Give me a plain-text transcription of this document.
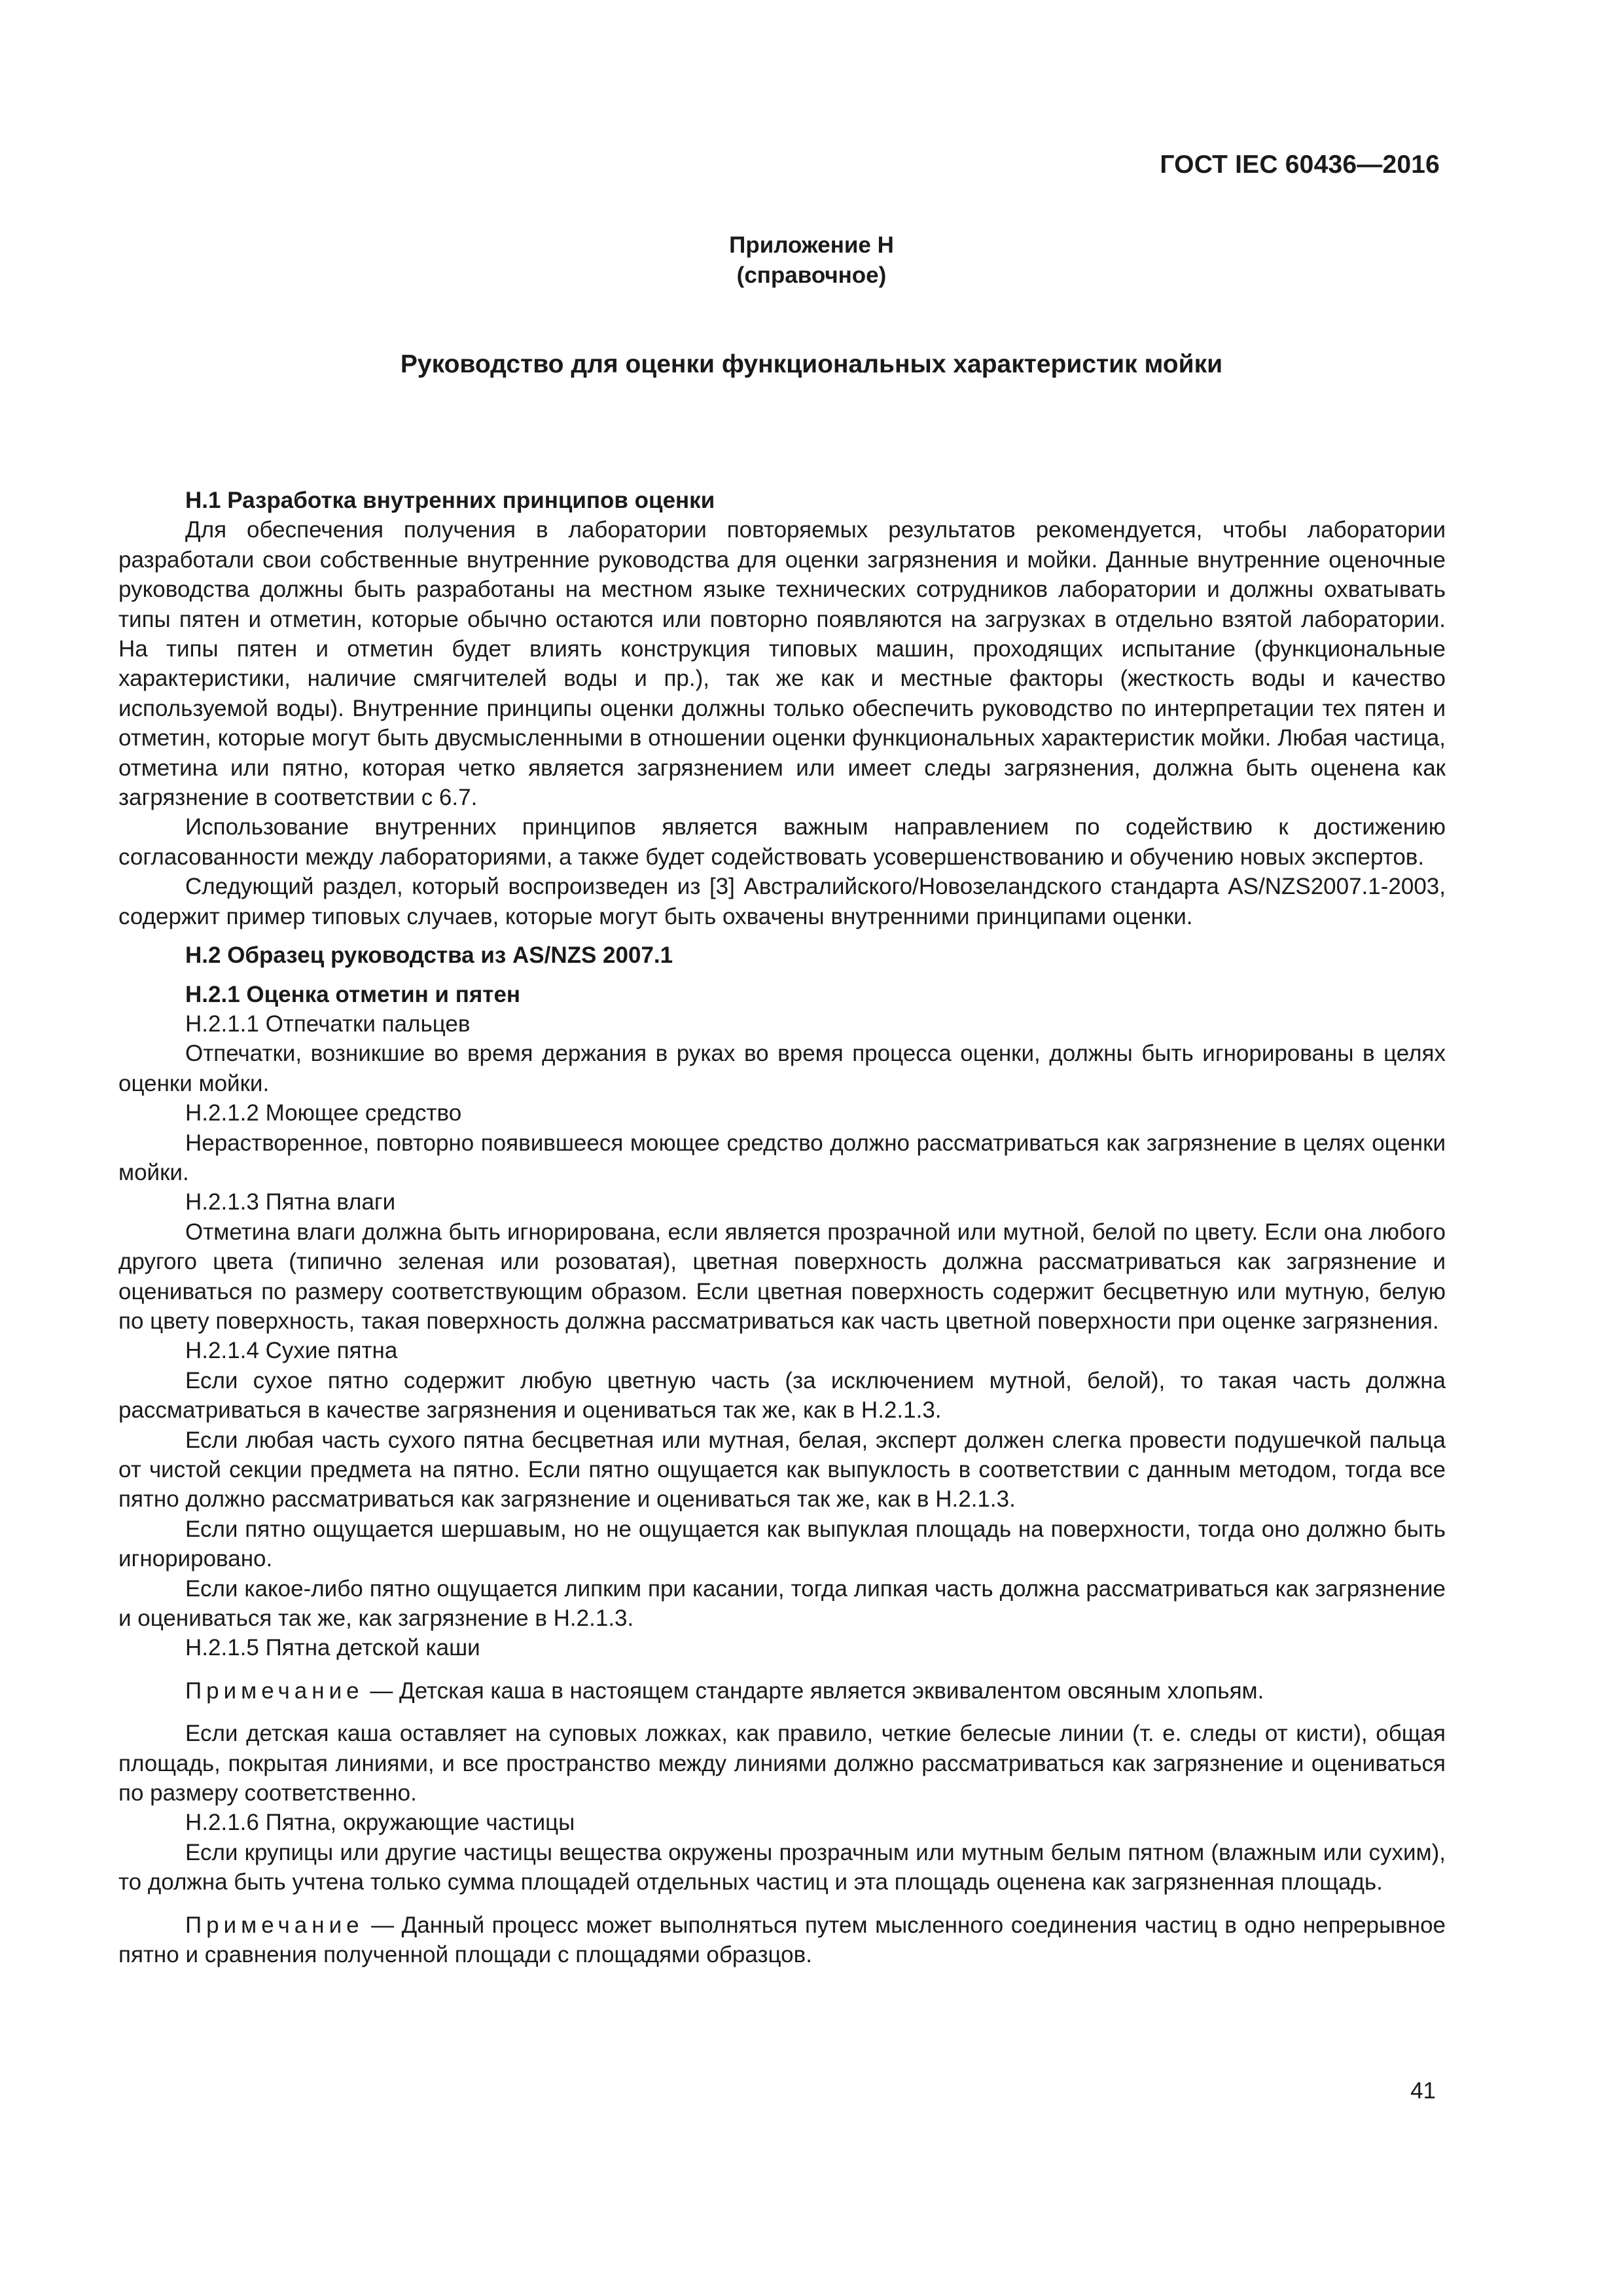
ГОСТ IEC 60436—2016
Приложение Н
(справочное)
Руководство для оценки функциональных характеристик мойки

Н.1 Разработка внутренних принципов оценки

Для обеспечения получения в лаборатории повторяемых результатов рекомендуется, чтобы лаборатории разработали свои собственные внутренние руководства для оценки загрязнения и мойки. Данные внутренние оценочные руководства должны быть разработаны на местном языке технических сотрудников лаборатории и должны охватывать типы пятен и отметин, которые обычно остаются или повторно появляются на загрузках в отдельно взятой лаборатории. На типы пятен и отметин будет влиять конструкция типовых машин, проходящих испытание (функциональные характеристики, наличие смягчителей воды и пр.), так же как и местные факторы (жесткость воды и качество используемой воды). Внутренние принципы оценки должны только обеспечить руководство по интерпретации тех пятен и отметин, которые могут быть двусмысленными в отношении оценки функциональных характеристик мойки. Любая частица, отметина или пятно, которая четко является загрязнением или имеет следы загрязнения, должна быть оценена как загрязнение в соответствии с 6.7.

Использование внутренних принципов является важным направлением по содействию к достижению согласованности между лабораториями, а также будет содействовать усовершенствованию и обучению новых экспертов.

Следующий раздел, который воспроизведен из [3] Австралийского/Новозеландского стандарта AS/NZS2007.1-2003, содержит пример типовых случаев, которые могут быть охвачены внутренними принципами оценки.

Н.2 Образец руководства из AS/NZS 2007.1

Н.2.1 Оценка отметин и пятен

Н.2.1.1 Отпечатки пальцев

Отпечатки, возникшие во время держания в руках во время процесса оценки, должны быть игнорированы в целях оценки мойки.

Н.2.1.2 Моющее средство

Нерастворенное, повторно появившееся моющее средство должно рассматриваться как загрязнение в целях оценки мойки.

Н.2.1.3 Пятна влаги

Отметина влаги должна быть игнорирована, если является прозрачной или мутной, белой по цвету. Если она любого другого цвета (типично зеленая или розоватая), цветная поверхность должна рассматриваться как загрязнение и оцениваться по размеру соответствующим образом. Если цветная поверхность содержит бесцветную или мутную, белую по цвету поверхность, такая поверхность должна рассматриваться как часть цветной поверхности при оценке загрязнения.

Н.2.1.4 Сухие пятна

Если сухое пятно содержит любую цветную часть (за исключением мутной, белой), то такая часть должна рассматриваться в качестве загрязнения и оцениваться так же, как в Н.2.1.3.

Если любая часть сухого пятна бесцветная или мутная, белая, эксперт должен слегка провести подушечкой пальца от чистой секции предмета на пятно. Если пятно ощущается как выпуклость в соответствии с данным методом, тогда все пятно должно рассматриваться как загрязнение и оцениваться так же, как в Н.2.1.3.

Если пятно ощущается шершавым, но не ощущается как выпуклая площадь на поверхности, тогда оно должно быть игнорировано.

Если какое-либо пятно ощущается липким при касании, тогда липкая часть должна рассматриваться как загрязнение и оцениваться так же, как загрязнение в Н.2.1.3.

Н.2.1.5 Пятна детской каши

Примечание — Детская каша в настоящем стандарте является эквивалентом овсяным хлопьям.

Если детская каша оставляет на суповых ложках, как правило, четкие белесые линии (т. е. следы от кисти), общая площадь, покрытая линиями, и все пространство между линиями должно рассматриваться как загрязнение и оцениваться по размеру соответственно.

Н.2.1.6 Пятна, окружающие частицы

Если крупицы или другие частицы вещества окружены прозрачным или мутным белым пятном (влажным или сухим), то должна быть учтена только сумма площадей отдельных частиц и эта площадь оценена как загрязненная площадь.

Примечание — Данный процесс может выполняться путем мысленного соединения частиц в одно непрерывное пятно и сравнения полученной площади с площадями образцов.

41
